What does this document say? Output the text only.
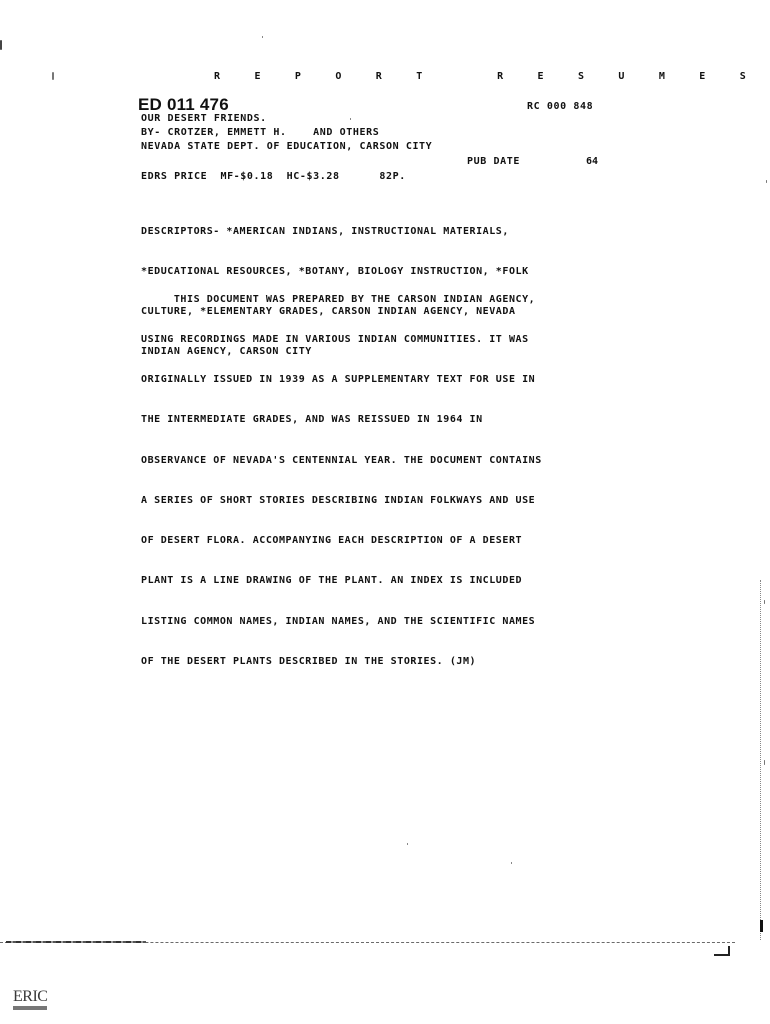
R E P O R T   R E S U M E S
ED 011 476	RC 000 848
OUR DESERT FRIENDS.
BY- CROTZER, EMMETT H.    AND OTHERS
NEVADA STATE DEPT. OF EDUCATION, CARSON CITY
PUB DATE	64
EDRS PRICE  MF-$0.18  HC-$3.28      82P.

DESCRIPTORS- *AMERICAN INDIANS, INSTRUCTIONAL MATERIALS,

*EDUCATIONAL RESOURCES, *BOTANY, BIOLOGY INSTRUCTION, *FOLK

CULTURE, *ELEMENTARY GRADES, CARSON INDIAN AGENCY, NEVADA

INDIAN AGENCY, CARSON CITY

THIS DOCUMENT WAS PREPARED BY THE CARSON INDIAN AGENCY,

USING RECORDINGS MADE IN VARIOUS INDIAN COMMUNITIES. IT WAS

ORIGINALLY ISSUED IN 1939 AS A SUPPLEMENTARY TEXT FOR USE IN

THE INTERMEDIATE GRADES, AND WAS REISSUED IN 1964 IN

OBSERVANCE OF NEVADA'S CENTENNIAL YEAR. THE DOCUMENT CONTAINS

A SERIES OF SHORT STORIES DESCRIBING INDIAN FOLKWAYS AND USE

OF DESERT FLORA. ACCOMPANYING EACH DESCRIPTION OF A DESERT

PLANT IS A LINE DRAWING OF THE PLANT. AN INDEX IS INCLUDED

LISTING COMMON NAMES, INDIAN NAMES, AND THE SCIENTIFIC NAMES

OF THE DESERT PLANTS DESCRIBED IN THE STORIES. (JM)

ERIC
